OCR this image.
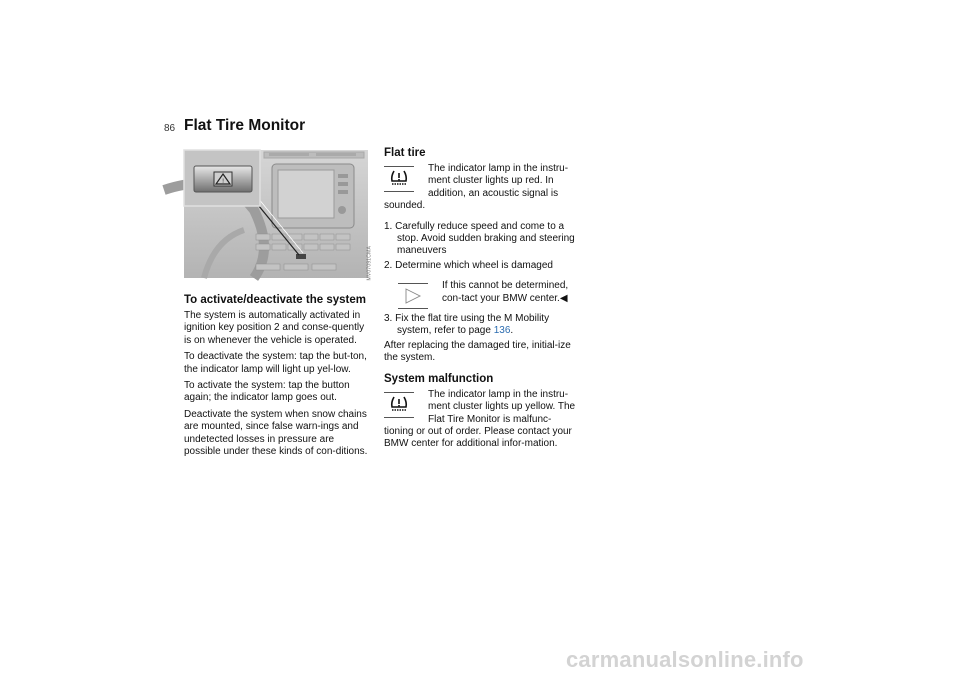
86 Flat Tire Monitor
!
MV07091CMA
To activate/deactivate the system

The system is automatically activated in ignition key position 2 and conse-quently is on whenever the vehicle is operated.

To deactivate the system: tap the but-ton, the indicator lamp will light up yel-low.

To activate the system: tap the button again; the indicator lamp goes out.

Deactivate the system when snow chains are mounted, since false warn-ings and undetected losses in pressure are possible under these kinds of con-ditions.

Flat tire

The indicator lamp in the instru-ment cluster lights up red. In addition, an acoustic signal is sounded.

1. Carefully reduce speed and come to a stop. Avoid sudden braking and steering maneuvers
2. Determine which wheel is damaged

If this cannot be determined, con-tact your BMW center.◀

3. Fix the flat tire using the M Mobility system, refer to page 136.

After replacing the damaged tire, initial-ize the system.

System malfunction

The indicator lamp in the instru-ment cluster lights up yellow. The Flat Tire Monitor is malfunc-tioning or out of order. Please contact your BMW center for additional infor-mation.

carmanualsonline.info
